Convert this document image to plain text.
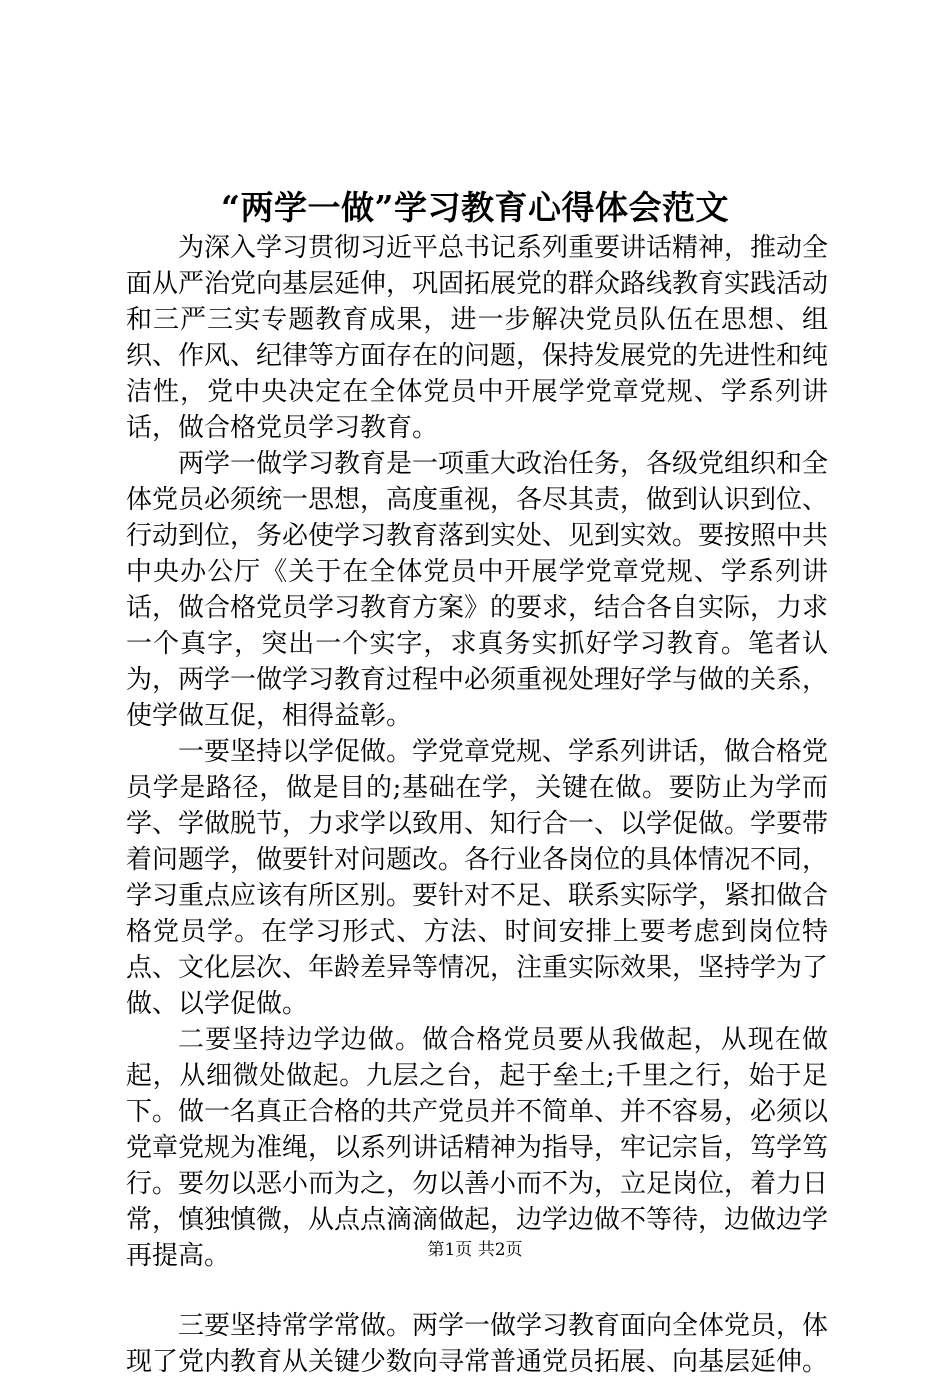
“两学一做”学习教育心得体会范文

为深入学习贯彻习近平总书记系列重要讲话精神，推动全面从严治党向基层延伸，巩固拓展党的群众路线教育实践活动和三严三实专题教育成果，进一步解决党员队伍在思想、组织、作风、纪律等方面存在的问题，保持发展党的先进性和纯洁性，党中央决定在全体党员中开展学党章党规、学系列讲话，做合格党员学习教育。

两学一做学习教育是一项重大政治任务，各级党组织和全体党员必须统一思想，高度重视，各尽其责，做到认识到位、行动到位，务必使学习教育落到实处、见到实效。要按照中共中央办公厅《关于在全体党员中开展学党章党规、学系列讲话，做合格党员学习教育方案》的要求，结合各自实际，力求一个真字，突出一个实字，求真务实抓好学习教育。笔者认为，两学一做学习教育过程中必须重视处理好学与做的关系，使学做互促，相得益彰。

一要坚持以学促做。学党章党规、学系列讲话，做合格党员学是路径，做是目的;基础在学，关键在做。要防止为学而学、学做脱节，力求学以致用、知行合一、以学促做。学要带着问题学，做要针对问题改。各行业各岗位的具体情况不同，学习重点应该有所区别。要针对不足、联系实际学，紧扣做合格党员学。在学习形式、方法、时间安排上要考虑到岗位特点、文化层次、年龄差异等情况，注重实际效果，坚持学为了做、以学促做。

二要坚持边学边做。做合格党员要从我做起，从现在做起，从细微处做起。九层之台，起于垒土;千里之行，始于足下。做一名真正合格的共产党员并不简单、并不容易，必须以党章党规为准绳，以系列讲话精神为指导，牢记宗旨，笃学笃行。要勿以恶小而为之，勿以善小而不为，立足岗位，着力日常，慎独慎微，从点点滴滴做起，边学边做不等待，边做边学再提高。

三要坚持常学常做。两学一做学习教育面向全体党员，体现了党内教育从关键少数向寻常普通党员拓展、向基层延伸。

第1页 共2页
